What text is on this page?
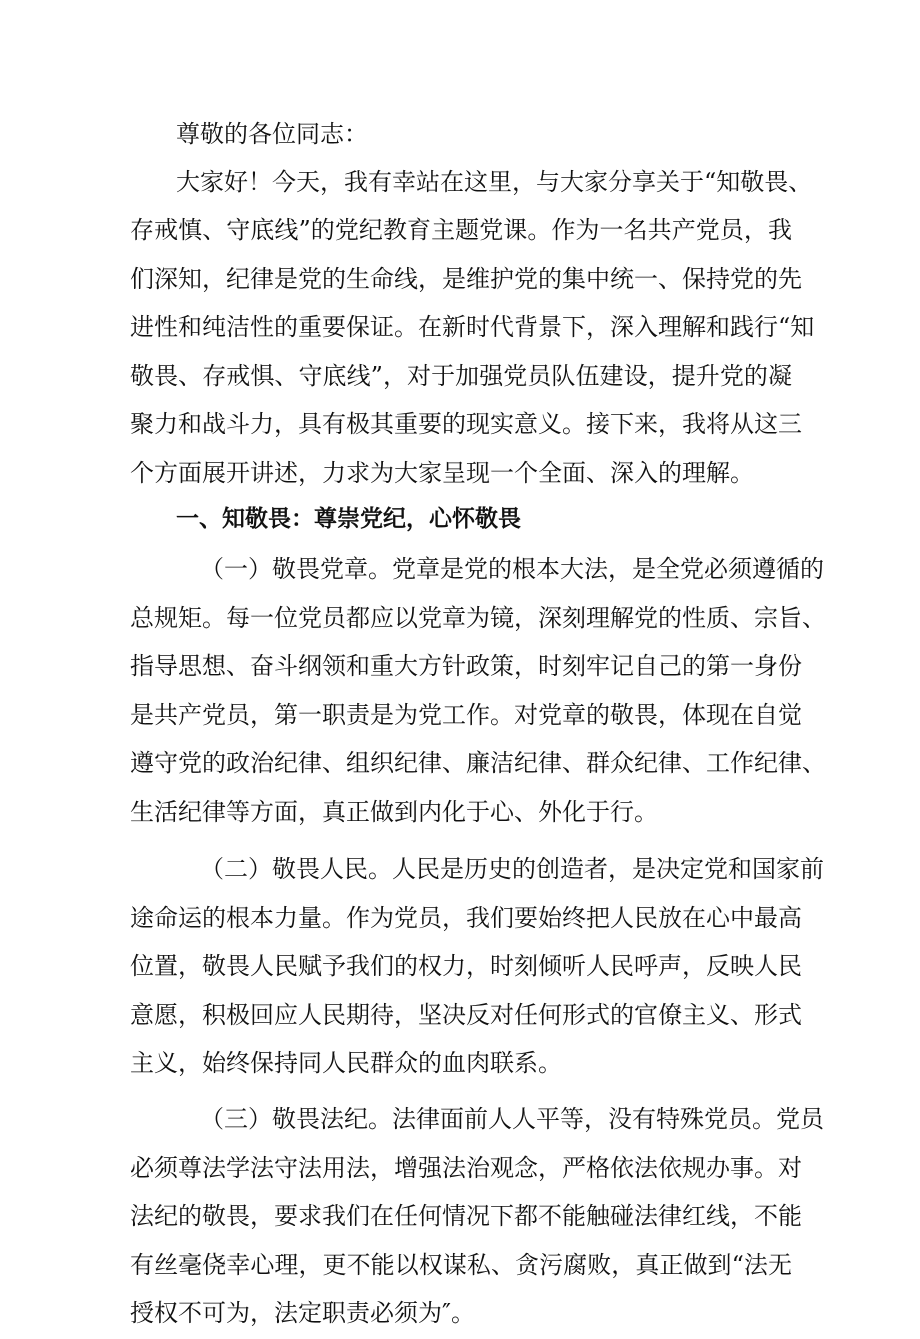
尊敬的各位同志：
大家好！今天，我有幸站在这里，与大家分享关于“知敬畏、
存戒慎、守底线”的党纪教育主题党课。作为一名共产党员，我
们深知，纪律是党的生命线，是维护党的集中统一、保持党的先
进性和纯洁性的重要保证。在新时代背景下，深入理解和践行“知
敬畏、存戒惧、守底线”，对于加强党员队伍建设，提升党的凝
聚力和战斗力，具有极其重要的现实意义。接下来，我将从这三
个方面展开讲述，力求为大家呈现一个全面、深入的理解。
一、知敬畏：尊崇党纪，心怀敬畏
（一）敬畏党章。党章是党的根本大法，是全党必须遵循的
总规矩。每一位党员都应以党章为镜，深刻理解党的性质、宗旨、
指导思想、奋斗纲领和重大方针政策，时刻牢记自己的第一身份
是共产党员，第一职责是为党工作。对党章的敬畏，体现在自觉
遵守党的政治纪律、组织纪律、廉洁纪律、群众纪律、工作纪律、
生活纪律等方面，真正做到内化于心、外化于行。
（二）敬畏人民。人民是历史的创造者，是决定党和国家前
途命运的根本力量。作为党员，我们要始终把人民放在心中最高
位置，敬畏人民赋予我们的权力，时刻倾听人民呼声，反映人民
意愿，积极回应人民期待，坚决反对任何形式的官僚主义、形式
主义，始终保持同人民群众的血肉联系。
（三）敬畏法纪。法律面前人人平等，没有特殊党员。党员
必须尊法学法守法用法，增强法治观念，严格依法依规办事。对
法纪的敬畏，要求我们在任何情况下都不能触碰法律红线，不能
有丝毫侥幸心理，更不能以权谋私、贪污腐败，真正做到“法无
授权不可为，法定职责必须为″。
